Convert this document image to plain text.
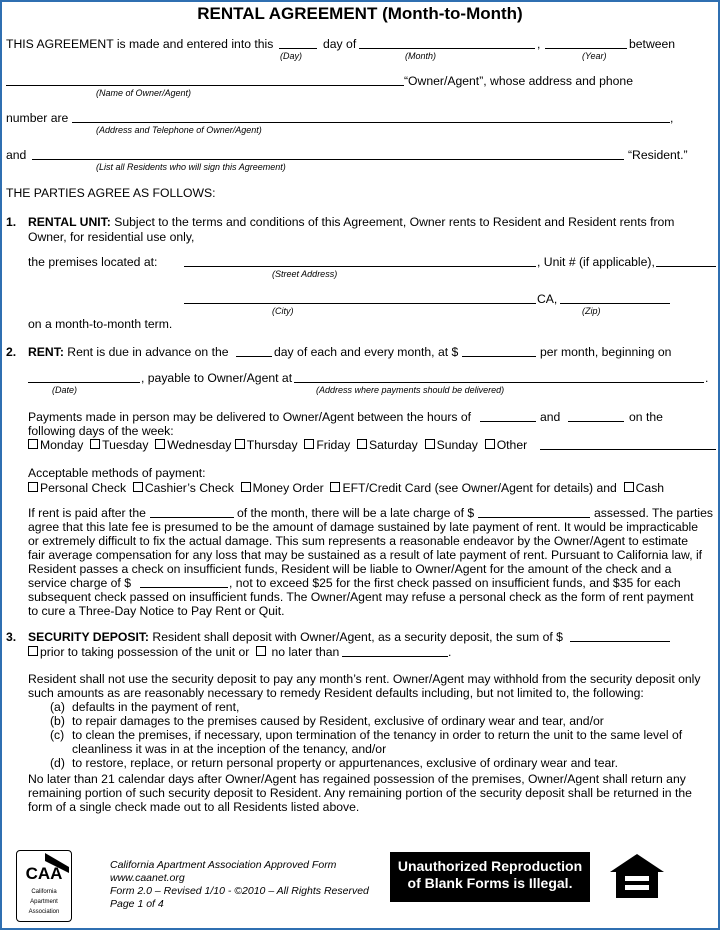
RENTAL AGREEMENT (Month-to-Month)
THIS AGREEMENT is made and entered into this	day of	,	between
(Day)	(Month)	(Year)
“Owner/Agent”, whose address and phone
(Name of Owner/Agent)
number are	,
(Address and Telephone of Owner/Agent)
and	“Resident.”
(List all Residents who will sign this Agreement)
THE PARTIES AGREE AS FOLLOWS:
1. RENTAL UNIT: Subject to the terms and conditions of this Agreement, Owner rents to Resident and Resident rents from
Owner, for residential use only,
the premises located at:	, Unit # (if applicable),
(Street Address)
CA,
(City)	(Zip)
on a month-to-month term.
2. RENT: Rent is due in advance on the	day of each and every month, at $	per month, beginning on
, payable to Owner/Agent at	.
(Date)	(Address where payments should be delivered)
Payments made in person may be delivered to Owner/Agent between the hours of	and	on the
following days of the week:
Monday Tuesday Wednesday Thursday Friday Saturday Sunday Other
Acceptable methods of payment:
Personal Check Cashier’s Check Money Order EFT/Credit Card (see Owner/Agent for details) and Cash
If rent is paid after the	of the month, there will be a late charge of $	assessed. The parties
agree that this late fee is presumed to be the amount of damage sustained by late payment of rent. It would be impracticable
or extremely difficult to fix the actual damage. This sum represents a reasonable endeavor by the Owner/Agent to estimate
fair average compensation for any loss that may be sustained as a result of late payment of rent. Pursuant to California law, if
Resident passes a check on insufficient funds, Resident will be liable to Owner/Agent for the amount of the check and a
service charge of $	, not to exceed $25 for the first check passed on insufficient funds, and $35 for each
subsequent check passed on insufficient funds. The Owner/Agent may refuse a personal check as the form of rent payment
to cure a Three-Day Notice to Pay Rent or Quit.
3. SECURITY DEPOSIT: Resident shall deposit with Owner/Agent, as a security deposit, the sum of $
prior to taking possession of the unit or no later than	.
Resident shall not use the security deposit to pay any month’s rent. Owner/Agent may withhold from the security deposit only
such amounts as are reasonably necessary to remedy Resident defaults including, but not limited to, the following:
(a) defaults in the payment of rent,
(b) to repair damages to the premises caused by Resident, exclusive of ordinary wear and tear, and/or
(c) to clean the premises, if necessary, upon termination of the tenancy in order to return the unit to the same level of
cleanliness it was in at the inception of the tenancy, and/or
(d) to restore, replace, or return personal property or appurtenances, exclusive of ordinary wear and tear.
No later than 21 calendar days after Owner/Agent has regained possession of the premises, Owner/Agent shall return any
remaining portion of such security deposit to Resident. Any remaining portion of the security deposit shall be returned in the
form of a single check made out to all Residents listed above.
CAA
California
Apartment
Association
California Apartment Association Approved Form
www.caanet.org
Form 2.0 – Revised 1/10 - ©2010 – All Rights Reserved
Page 1 of 4
Unauthorized Reproduction
of Blank Forms is Illegal.
